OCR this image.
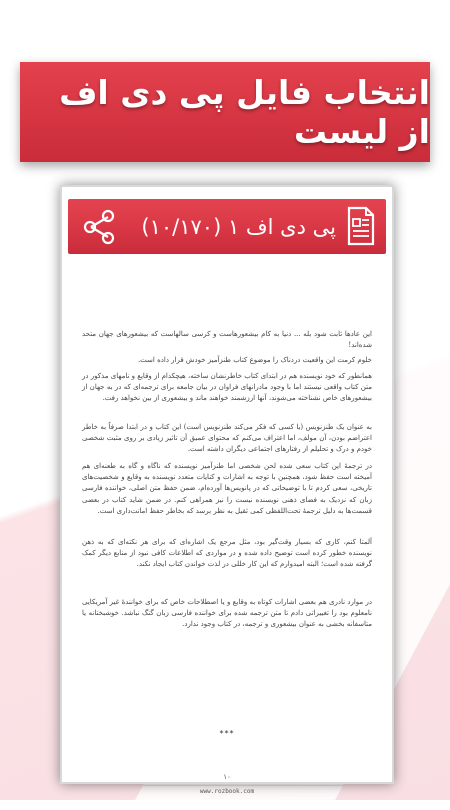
انتخاب فایل پی دی اف از لیست
پی دی اف ۱ (۱۰/۱۷۰)
این عادها ثابت شود بله ... دنیا به کام بیشعورهاست و کرسی سالهاست که بیشعورهای جهان متحد شده‌اند!
خلوم کرمت این واقعیت دردناک را موضوع کتاب طنزآمیز خودش قرار داده است.
همانطور که خود نویسنده هم در ابتدای کتاب خاطرنشان ساخته، هیچکدام از وقایع و نامهای مذکور در متن کتاب واقعی نیستند اما با وجود مادرانهای فراوان در بیان جامعه برای ترجمه‌ای که در به جهان از بیشعورهای خاص نشناخته می‌شوند، آنها ارزشمند خواهند ماند و بیشعوری از بین نخواهد رفت.
به عنوان یک طنزنویس (یا کسی که فکر می‌کند طنزنویس است) این کتاب و در ابتدا صرفاً به خاطر اعتراضم بودن، آن مولف، اما اعتراف می‌کنم که محتوای عمیق آن تاثیر زیادی بر روی مثبت شخصی خودم و درک و تحلیلم از رفتارهای اجتماعی دیگران داشته است.
در ترجمهٔ این کتاب سعی شده لحن شخصی اما طنزآمیز نویسنده که ناگاه و گاه به طعنه‌ای هم آمیخته است حفظ شود، همچنین با توجه به اشارات و کنایات متعدد نویسنده به وقایع و شخصیت‌های تاریخی، سعی کردم تا با توضیحاتی که در پانویس‌ها آورده‌ام، ضمن حفظ متن اصلی، خواننده فارسی زبان که نزدیک به فضای ذهنی نویسنده نیست را نیز همراهی کنم. در ضمن شاید کتاب در بعضی قسمت‌ها به دلیل ترجمهٔ تحت‌اللفظی کمی ثقیل به نظر برسد که بخاطر حفظ امانت‌داری است.
آلمتا کنم، کاری که بسیار وقت‌گیر بود، مثل مرجع یک اشاره‌ای که برای هر نکته‌ای که به ذهن نویسنده خطور کرده است توضیح داده شده و در مواردی که اطلاعات کافی نبود از منابع دیگر کمک گرفته شده است؛ البته امیدوارم که این کار خللی در لذت خواندن کتاب ایجاد نکند.
در موارد نادری هم بعضی اشارات کوتاه به وقایع و یا اصطلاحات خاص که برای خوانندهٔ غیر آمریکایی نامعلوم بود را تغییراتی دادم تا متن ترجمه شده برای خواننده فارسی زبان گنگ نباشد. خوشبختانه یا متاسفانه بخشی به عنوان بیشعوری و ترجمه، در کتاب وجود ندارد.
***
۱۰
www.rozbook.com
